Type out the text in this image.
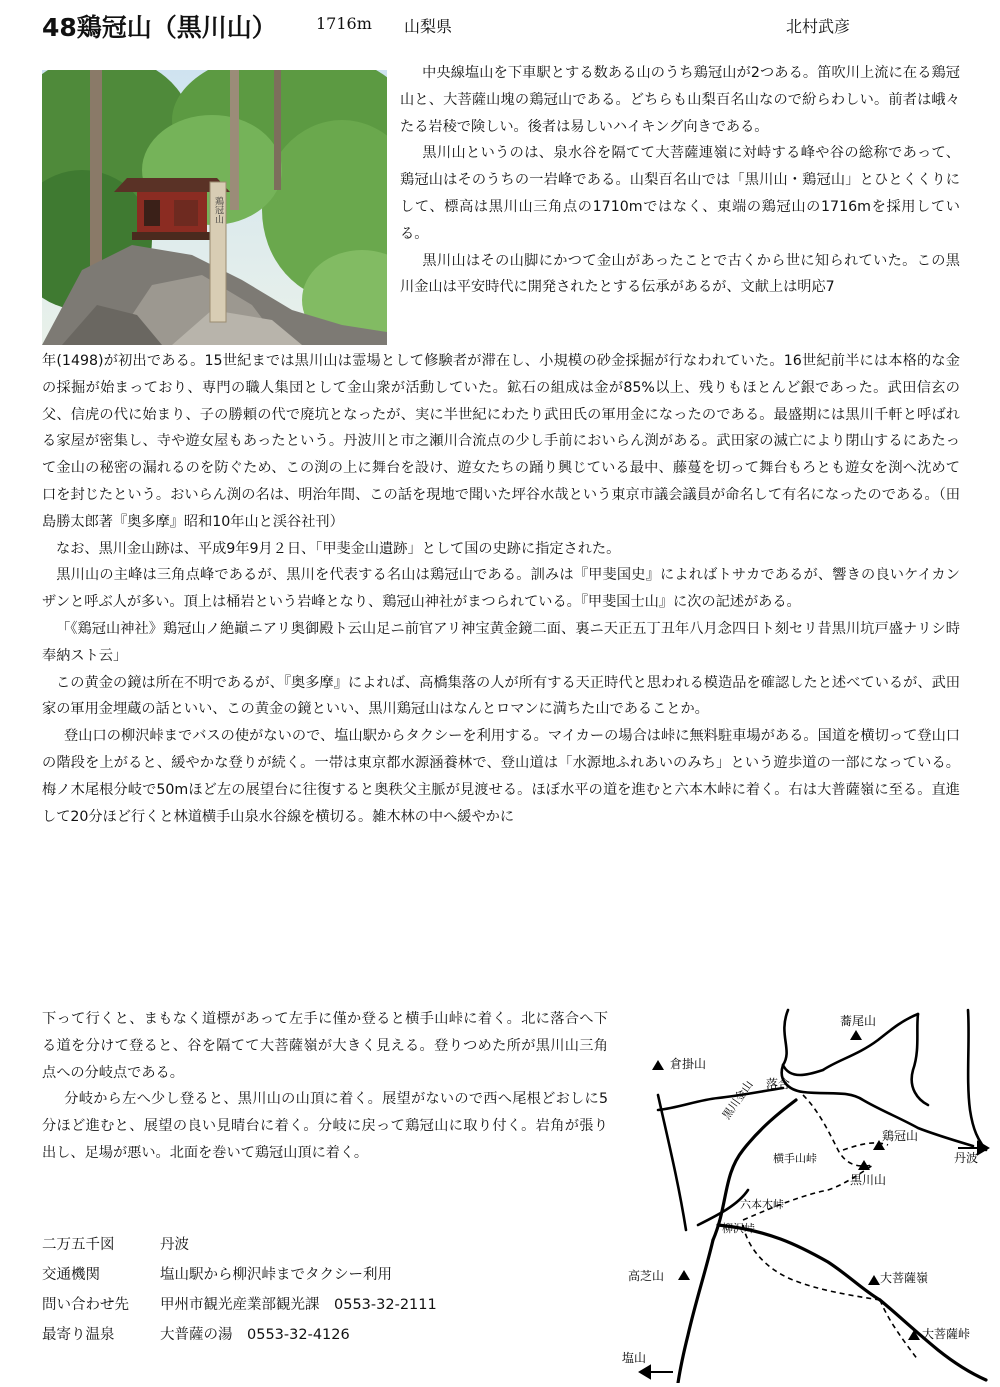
48鶏冠山（黒川山） 1716m 山梨県	北村武彦
鶏冠山

中央線塩山を下車駅とする数ある山のうち鶏冠山が2つある。笛吹川上流に在る鶏冠山と、大菩薩山塊の鶏冠山である。どちらも山梨百名山なので紛らわしい。前者は峨々たる岩稜で険しい。後者は易しいハイキング向きである。

黒川山というのは、泉水谷を隔てて大菩薩連嶺に対峙する峰や谷の総称であって、鶏冠山はそのうちの一岩峰である。山梨百名山では「黒川山・鶏冠山」とひとくくりにして、標高は黒川山三角点の1710mではなく、東端の鶏冠山の1716mを採用している。

黒川山はその山脚にかつて金山があったことで古くから世に知られていた。この黒川金山は平安時代に開発されたとする伝承があるが、文献上は明応7

年(1498)が初出である。15世紀までは黒川山は霊場として修験者が滞在し、小規模の砂金採掘が行なわれていた。16世紀前半には本格的な金の採掘が始まっており、専門の職人集団として金山衆が活動していた。鉱石の組成は金が85%以上、残りもほとんど銀であった。武田信玄の父、信虎の代に始まり、子の勝頼の代で廃坑となったが、実に半世紀にわたり武田氏の軍用金になったのである。最盛期には黒川千軒と呼ばれる家屋が密集し、寺や遊女屋もあったという。丹波川と市之瀬川合流点の少し手前においらん渕がある。武田家の滅亡により閉山するにあたって金山の秘密の漏れるのを防ぐため、この渕の上に舞台を設け、遊女たちの踊り興じている最中、藤蔓を切って舞台もろとも遊女を渕へ沈めて口を封じたという。おいらん渕の名は、明治年間、この話を現地で聞いた坪谷水哉という東京市議会議員が命名して有名になったのである。（田島勝太郎著『奥多摩』昭和10年山と渓谷社刊）

なお、黒川金山跡は、平成9年9月２日、「甲斐金山遺跡」として国の史跡に指定された。

黒川山の主峰は三角点峰であるが、黒川を代表する名山は鶏冠山である。訓みは『甲斐国史』によればトサカであるが、響きの良いケイカンザンと呼ぶ人が多い。頂上は桶岩という岩峰となり、鶏冠山神社がまつられている。『甲斐国士山』に次の記述がある。

「《鶏冠山神社》鶏冠山ノ絶巓ニアリ奥御殿ト云山足ニ前官アリ神宝黄金鏡二面、裏ニ天正五丁丑年八月念四日ト刻セリ昔黒川坑戸盛ナリシ時奉納スト云」

この黄金の鏡は所在不明であるが、『奥多摩』によれば、高橋集落の人が所有する天正時代と思われる模造品を確認したと述べているが、武田家の軍用金埋蔵の話といい、この黄金の鏡といい、黒川鶏冠山はなんとロマンに満ちた山であることか。

登山口の柳沢峠までバスの使がないので、塩山駅からタクシーを利用する。マイカーの場合は峠に無料駐車場がある。国道を横切って登山口の階段を上がると、緩やかな登りが続く。一帯は東京都水源涵養林で、登山道は「水源地ふれあいのみち」という遊歩道の一部になっている。梅ノ木尾根分岐で50mほど左の展望台に往復すると奥秩父主脈が見渡せる。ほぼ水平の道を進むと六本木峠に着く。右は大普薩嶺に至る。直進して20分ほど行くと林道横手山泉水谷線を横切る。雑木林の中へ緩やかに

下って行くと、まもなく道標があって左手に僅か登ると横手山峠に着く。北に落合へ下る道を分けて登ると、谷を隔てて大菩薩嶺が大きく見える。登りつめた所が黒川山三角点への分岐点である。

分岐から左へ少し登ると、黒川山の山頂に着く。展望がないので西へ尾根どおしに5分ほど進むと、展望の良い見晴台に着く。分岐に戻って鶏冠山に取り付く。岩角が張り出し、足場が悪い。北面を巻いて鶏冠山頂に着く。

二万五千図	丹波
交通機関	塩山駅から柳沢峠までタクシー利用
問い合わせ先 甲州市観光産業部観光課　0553-32-2111
最寄り温泉	大普薩の湯　0553-32-4126
蕎尾山
倉掛山
落合
黒川金山
鶏冠山
横手山峠
黒川山
丹波
六本木峠
柳沢峠
高芝山	大菩薩嶺
大菩薩峠
塩山
